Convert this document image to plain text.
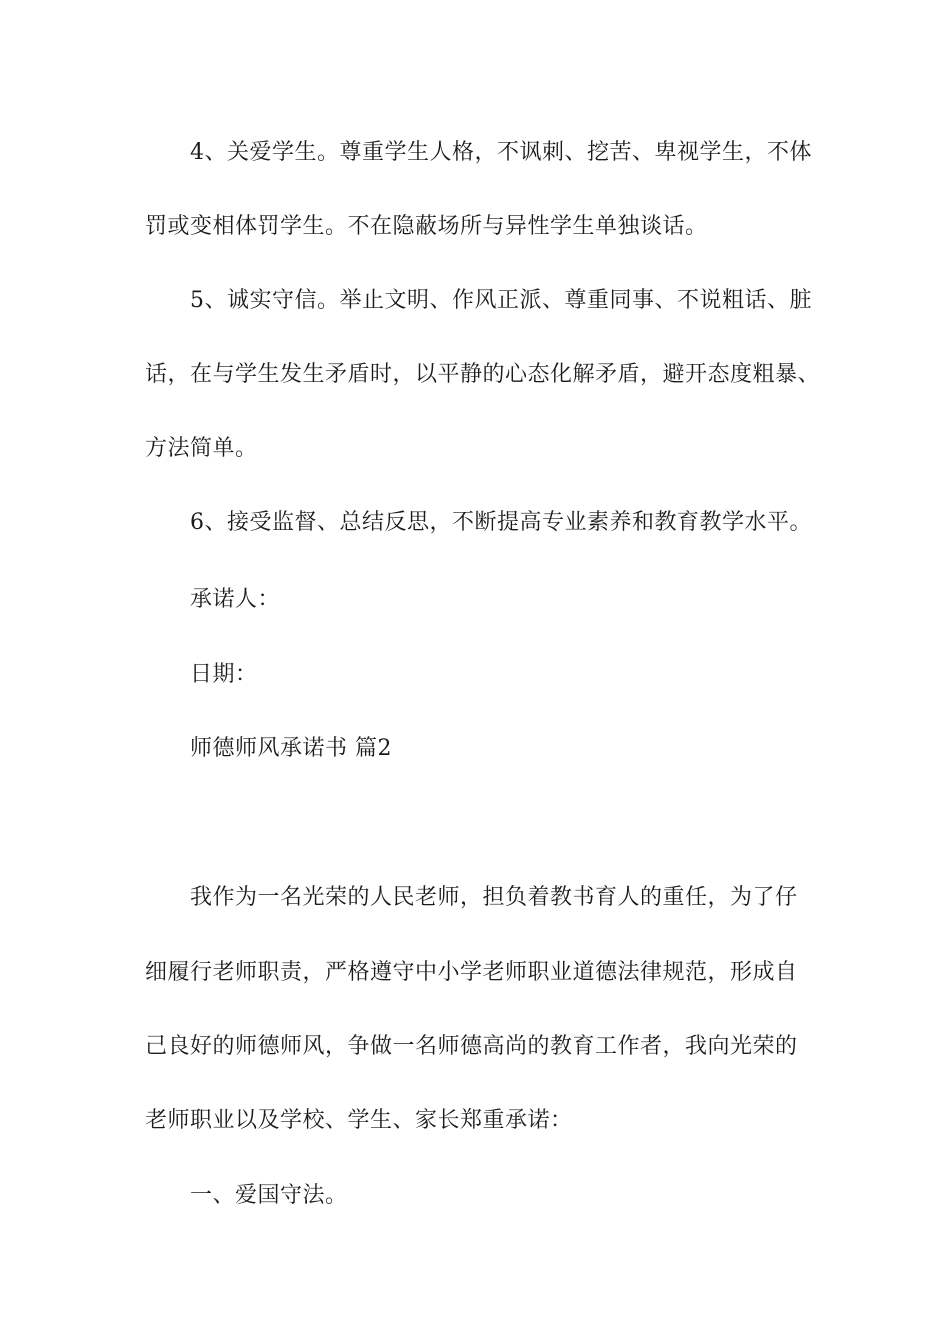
4、关爱学生。尊重学生人格，不讽刺、挖苦、卑视学生，不体
罚或变相体罚学生。不在隐蔽场所与异性学生单独谈话。
5、诚实守信。举止文明、作风正派、尊重同事、不说粗话、脏
话，在与学生发生矛盾时，以平静的心态化解矛盾，避开态度粗暴、
方法简单。
6、接受监督、总结反思，不断提高专业素养和教育教学水平。
承诺人：
日期：
师德师风承诺书 篇2
我作为一名光荣的人民老师，担负着教书育人的重任，为了仔
细履行老师职责，严格遵守中小学老师职业道德法律规范，形成自
己良好的师德师风，争做一名师德高尚的教育工作者，我向光荣的
老师职业以及学校、学生、家长郑重承诺：
一、爱国守法。
